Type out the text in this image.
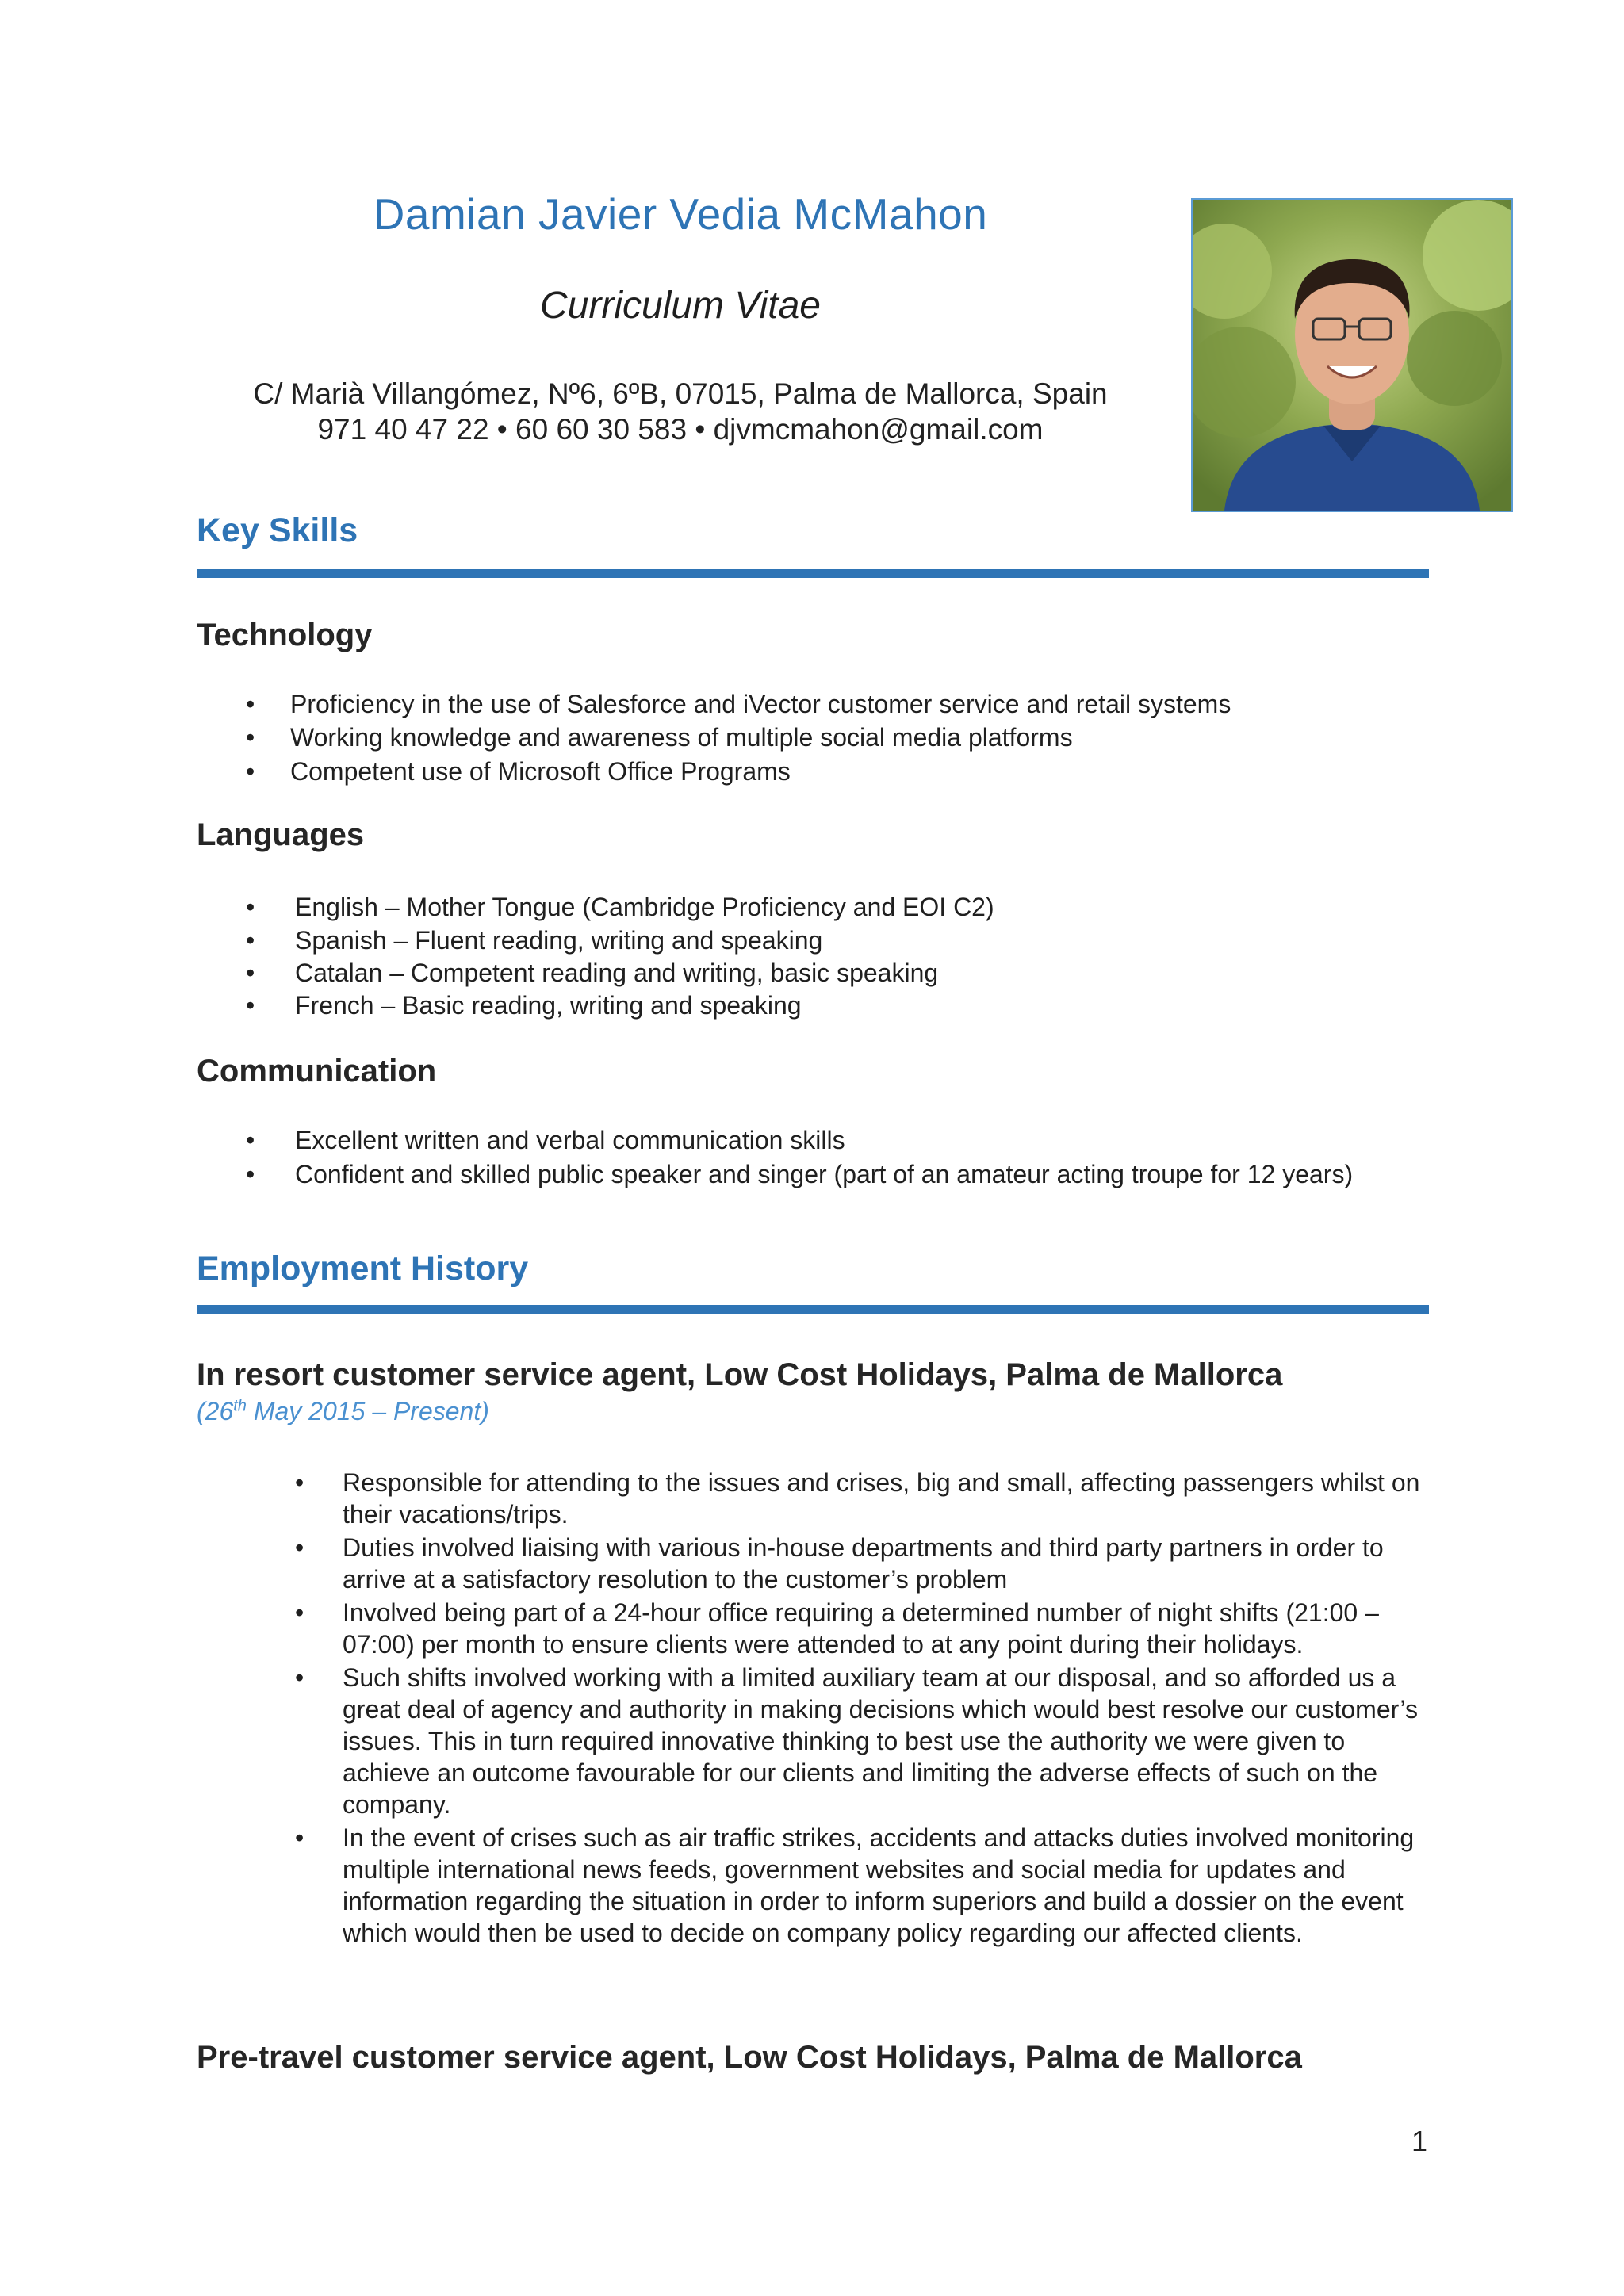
Damian Javier Vedia McMahon
Curriculum Vitae
C/ Marià Villangómez, Nº6, 6ºB, 07015, Palma de Mallorca, Spain
971 40 47 22 • 60 60 30 583 • djvmcmahon@gmail.com
Key Skills
Technology
• Proficiency in the use of Salesforce and iVector customer service and retail systems
• Working knowledge and awareness of multiple social media platforms
• Competent use of Microsoft Office Programs
Languages
• English – Mother Tongue (Cambridge Proficiency and EOI C2)
• Spanish – Fluent reading, writing and speaking
• Catalan – Competent reading and writing, basic speaking
• French – Basic reading, writing and speaking
Communication
• Excellent written and verbal communication skills
• Confident and skilled public speaker and singer (part of an amateur acting troupe for 12 years)
Employment History
In resort customer service agent, Low Cost Holidays, Palma de Mallorca
(26th May 2015 – Present)
• Responsible for attending to the issues and crises, big and small, affecting passengers whilst on their vacations/trips.
• Duties involved liaising with various in-house departments and third party partners in order to arrive at a satisfactory resolution to the customer’s problem
• Involved being part of a 24-hour office requiring a determined number of night shifts (21:00 – 07:00) per month to ensure clients were attended to at any point during their holidays.
• Such shifts involved working with a limited auxiliary team at our disposal, and so afforded us a great deal of agency and authority in making decisions which would best resolve our customer’s issues. This in turn required innovative thinking to best use the authority we were given to achieve an outcome favourable for our clients and limiting the adverse effects of such on the company.
• In the event of crises such as air traffic strikes, accidents and attacks duties involved monitoring multiple international news feeds, government websites and social media for updates and information regarding the situation in order to inform superiors and build a dossier on the event which would then be used to decide on company policy regarding our affected clients.
Pre-travel customer service agent, Low Cost Holidays, Palma de Mallorca
1
